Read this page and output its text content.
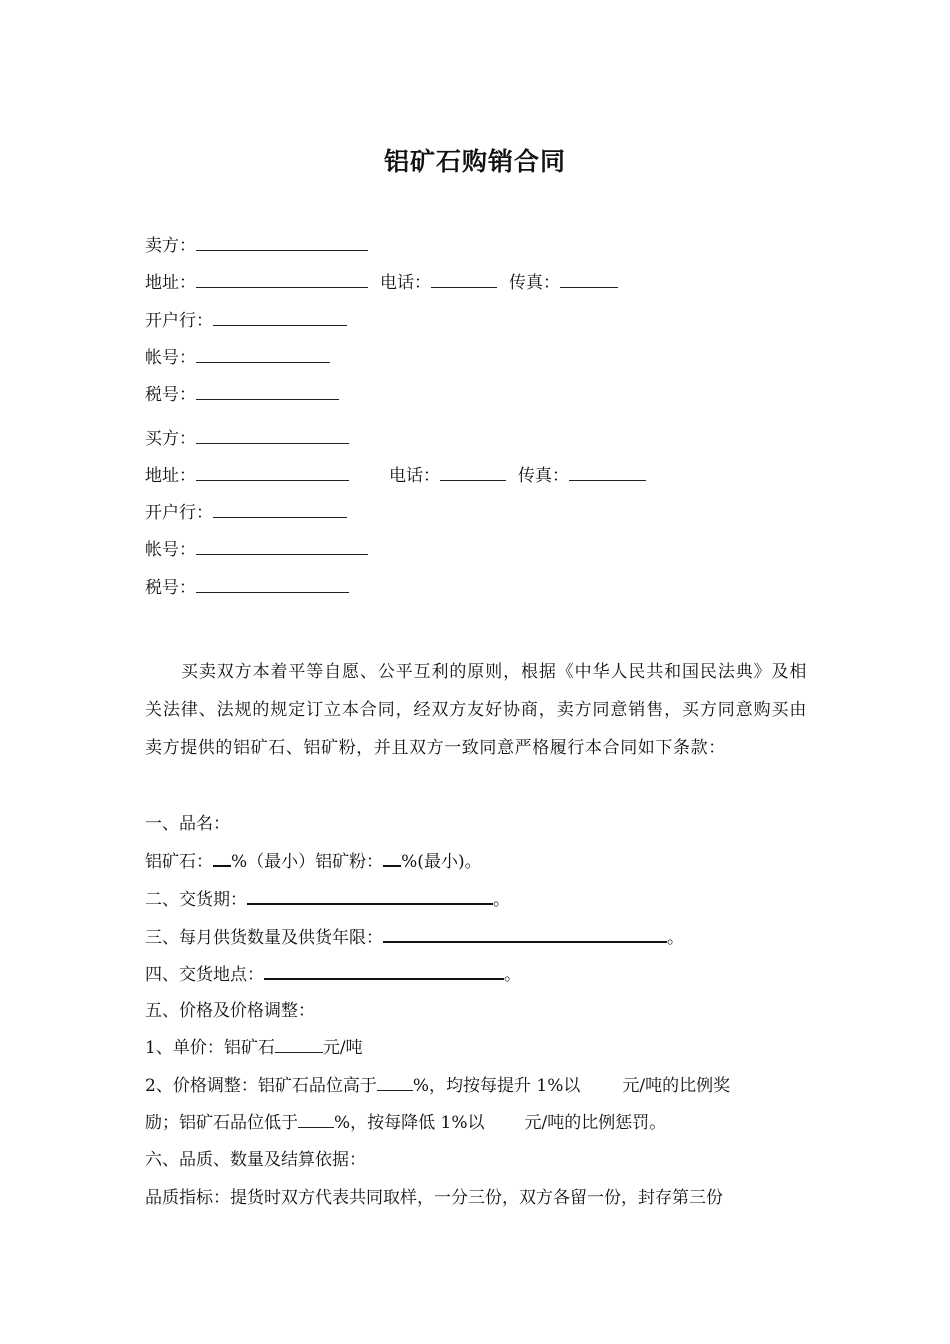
铝矿石购销合同
卖方：
地址：	电话：	传真：
开户行：
帐号：
税号：
买方：
地址：	电话：	传真：
开户行：
帐号：
税号：
买卖双方本着平等自愿、公平互利的原则，根据《中华人民共和国民法典》及相关法律、法规的规定订立本合同，经双方友好协商，卖方同意销售，买方同意购买由卖方提供的铝矿石、铝矿粉，并且双方一致同意严格履行本合同如下条款：
一、品名：
铝矿石： %（最小）铝矿粉： %(最小)。
二、交货期：	。
三、每月供货数量及供货年限：	。
四、交货地点：	。
五、价格及价格调整：
1、单价：铝矿石	元/吨
2、价格调整：铝矿石品位高于 %，均按每提升 1%以 元/吨的比例奖
励；铝矿石品位低于 %，按每降低 1%以 元/吨的比例惩罚。
六、品质、数量及结算依据：
品质指标：提货时双方代表共同取样，一分三份，双方各留一份，封存第三份
